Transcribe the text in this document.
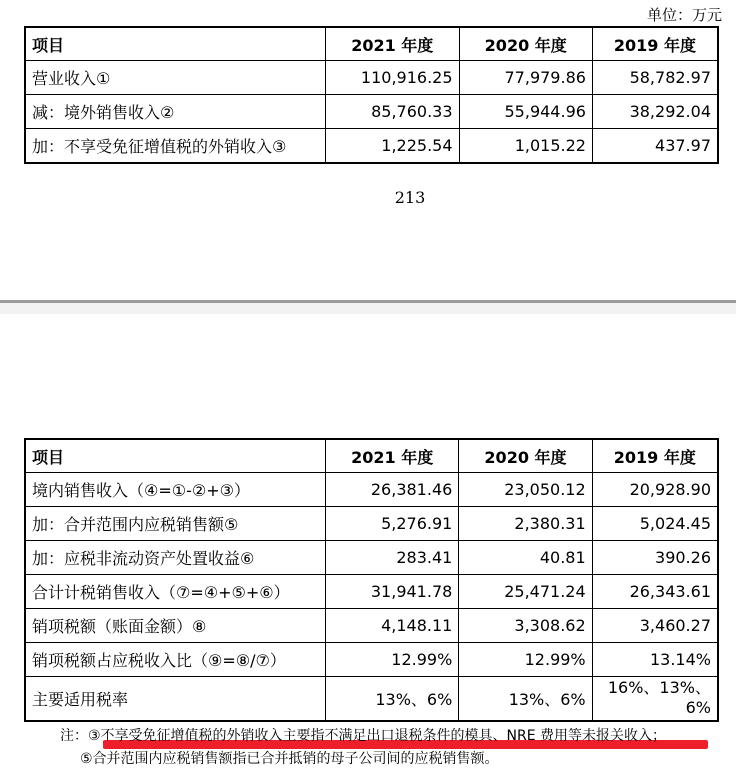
单位：万元
项目	2021 年度	2020 年度	2019 年度
营业收入①	110,916.25	77,979.86	58,782.97
减：境外销售收入②	85,760.33	55,944.96	38,292.04
加：不享受免征增值税的外销收入③	1,225.54	1,015.22	437.97
213
项目	2021 年度	2020 年度	2019 年度
境内销售收入（④=①-②+③）	26,381.46	23,050.12	20,928.90
加：合并范围内应税销售额⑤	5,276.91	2,380.31	5,024.45
加：应税非流动资产处置收益⑥	283.41	40.81	390.26
合计计税销售收入（⑦=④+⑤+⑥）	31,941.78	25,471.24	26,343.61
销项税额（账面金额）⑧	4,148.11	3,308.62	3,460.27
销项税额占应税收入比（⑨=⑧/⑦）	12.99%	12.99%	13.14%
主要适用税率	13%、6%	13%、6%	16%、13%、
6%
注：③不享受免征增值税的外销收入主要指不满足出口退税条件的模具、NRE 费用等未报关收入；
⑤合并范围内应税销售额指已合并抵销的母子公司间的应税销售额。
